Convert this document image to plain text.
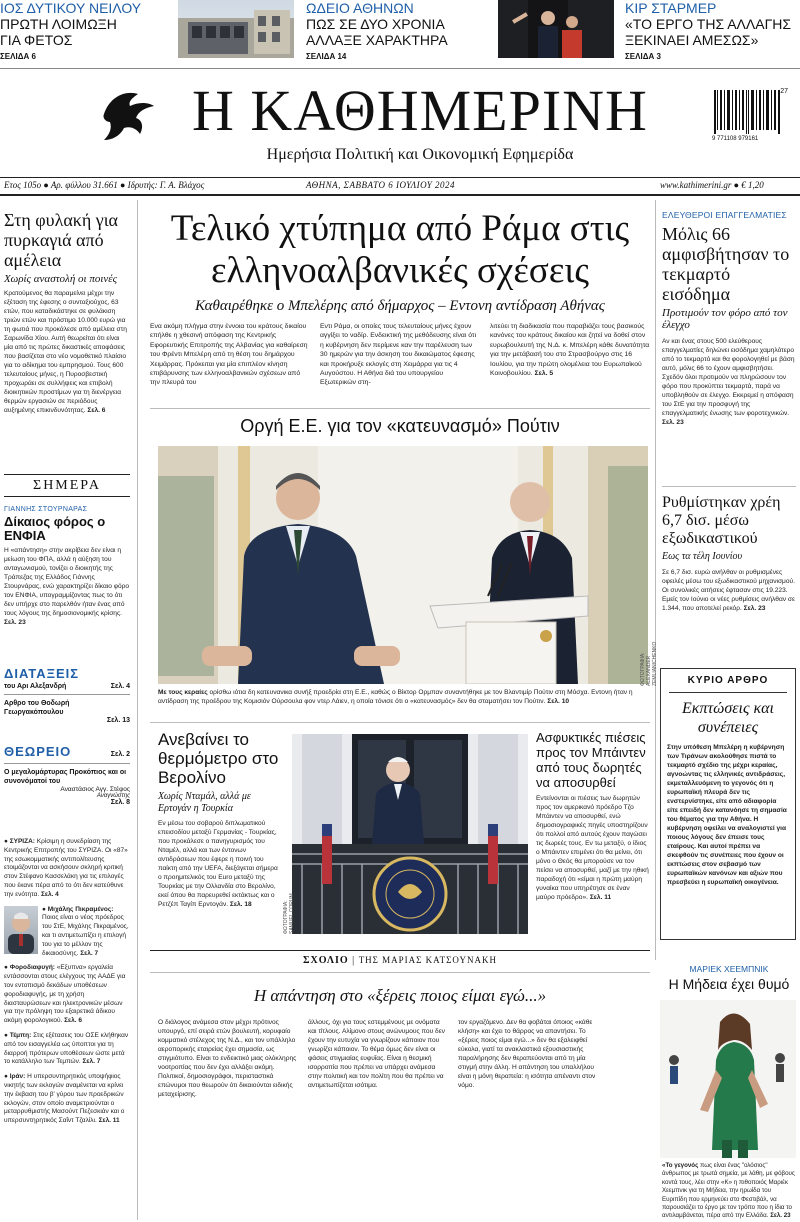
ΙΟΣ ΔΥΤΙΚΟΥ ΝΕΙΛΟΥ
ΠΡΩΤΗ ΛΟΙΜΩΞΗ
ΓΙΑ ΦΕΤΟΣ
ΣΕΛΙΔΑ 6
ΩΔΕΙΟ ΑΘΗΝΩΝ
ΠΩΣ ΣΕ ΔΥΟ ΧΡΟΝΙΑ
ΑΛΛΑΞΕ ΧΑΡΑΚΤΗΡΑ
ΣΕΛΙΔΑ 14
ΚΙΡ ΣΤΑΡΜΕΡ
«ΤΟ ΕΡΓΟ ΤΗΣ ΑΛΛΑΓΗΣ
ΞΕΚΙΝΑΕΙ ΑΜΕΣΩΣ»
ΣΕΛΙΔΑ 3
Η ΚΑΘΗΜΕΡΙΝΗ
Ημερήσια Πολιτική και Οικονομική Εφημερίδα
27
9 771108 979161
Ετος 105ο ● Αρ. φύλλου 31.661 ● Ιδρυτής: Γ. Α. Βλάχος	ΑΘΗΝΑ, ΣΑΒΒΑΤΟ 6 ΙΟΥΛΙΟΥ 2024	www.kathimerini.gr ● € 1,20
Στη φυλακή για πυρκαγιά από αμέλεια
Χωρίς αναστολή οι ποινές
Κρατούμενος θα παραμείνει μέχρι την εξέταση της έφεσης ο συνταξιούχος, 63 ετών, που καταδικάστηκε σε φυλάκιση τριών ετών και πρόστιμο 10.000 ευρώ για τη φωτιά που προκάλεσε από αμέλεια στη Σαρωνίδα Χίου. Αυτή θεωρείται ότι είναι μία από τις πρώτες δικαστικές αποφάσεις που βασίζεται στο νέο νομοθετικό πλαίσιο για το αδίκημα του εμπρησμού. Τους 600 τελευταίους μήνες, η Πυροσβεστική προχωράει σε συλλήψεις και επιβολή διοικητικών προστίμων για τη διενέργεια θερμών εργασιών σε περιόδους αυξημένης επικινδυνότητας. Σελ. 6
ΣΗΜΕΡΑ
ΓΙΑΝΝΗΣ ΣΤΟΥΡΝΑΡΑΣ
Δίκαιος φόρος ο ΕΝΦΙΑ
Η «απάντηση» στην ακρίβεια δεν είναι η μείωση του ΦΠΑ, αλλά η αύξηση του ανταγωνισμού, τονίζει ο διοικητής της Τράπεζας της Ελλάδος Γιάννης Στουρνάρας, ενώ χαρακτηρίζει δίκαιο φόρο τον ΕΝΦΙΑ, υπογραμμίζοντας πως το ότι δεν υπήρχε στο παρελθόν ήταν ένας από τους λόγους της δημοσιονομικής κρίσης. Σελ. 23
ΔΙΑΤΑΞΕΙΣ
του Αρι Αλεξανδρή	Σελ. 4
Αρθρο του Θοδωρή Γεωργακόπουλου
Σελ. 13
ΘΕΩΡΕΙΟ	Σελ. 2
Ο μεγαλομάρτυρας Προκόπιος και οι συνονόματοί του
Αναστάσιος Αγγ. Στέφος
Αναγνώστης
Σελ. 8

● ΣΥΡΙΖΑ: Κρίσιμη η συνεδρίαση της Κεντρικής Επιτροπής του ΣΥΡΙΖΑ. Οι «87» της εσωκομματικής αντιπολίτευσης ετοιμάζονται να ασκήσουν σκληρή κριτική στον Στέφανο Κασσελάκη για τις επιλογές που έκανε πέρα από το ότι δεν κατεύθυνε την ενότητα. Σελ. 4

● Μιχάλης Πικραμένος: Ποιος είναι ο νέος πρόεδρος του ΣτΕ, Μιχάλης Πικραμένος, και τι αντιμετωπίζει η επιλογή του για το μέλλον της δικαιοσύνης. Σελ. 7

● Φοροδιαφυγή: «Εξυπνα» εργαλεία εντάσσονται στους ελέγχους της ΑΑΔΕ για τον εντοπισμό δεκάδων υποθέσεων φοροδιαφυγής, με τη χρήση διασταυρώσεων και ηλεκτρονικών μέσων για την πρόληψη του εξαιρετικά άδικου ακόμη φορολογικού. Σελ. 6

● Τέμπη: Στις εξέτασεις του ΟΣΕ κλήθηκαν από τον εισαγγελέα ως ύποπτοι για τη διαρροή πρότερων υποθέσεων ώστε μετά το κατάλληλο των Τεμπών. Σελ. 7

● Ιράν: Η υπερσυντηρητικός υποψήφιος νικητής των εκλογών αναμένεται να κρίνει την έκβαση του β' γύρου των προεδρικών εκλογών, στον οποίο αναμετριούνται ο μεταρρυθμιστής Μασούντ Πεζεσκιάν και ο υπερσυντηρητικός Σαΐντ Τζαλίλι. Σελ. 11

Τελικό χτύπημα από Ράμα στις ελληνοαλβανικές σχέσεις
Καθαιρέθηκε ο Μπελέρης από δήμαρχος – Εντονη αντίδραση Αθήνας
Ενα ακόμη πλήγμα στην έννοια του κράτους δικαίου επήλθε η χθεσινή απόφαση της Κεντρικής Εφορευτικής Επιτροπής της Αλβανίας για καθαίρεση του Φρέντι Μπελέρη από τη θέση του δημάρχου Χειμάρρας. Πρόκειται για μία επιπλέον κίνηση επιβάρυνσης των ελληνοαλβανικών σχέσεων από την πλευρά του
Εντι Ράμα, οι οποίες τους τελευταίους μήνες έχουν αγγίξει το ναδίρ. Ενδεικτική της μεθόδευσης είναι ότι η κυβέρνηση δεν περίμενε καν την παρέλευση των 30 ημερών για την άσκηση του δικαιώματος έφεσης και προκήρυξε εκλογές στη Χειμάρρα για τις 4 Αυγούστου. Η Αθήνα διά του υπουργείου Εξωτερικών στη-
λιτεύει τη διαδικασία που παραβιάζει τους βασικούς κανόνες του κράτους δικαίου και ζητεί να δοθεί στον ευρωβουλευτή της Ν.Δ. κ. Μπελέρη κάθε δυνατότητα για την μετάβασή του στο Στρασβούργο στις 16 Ιουλίου, για την πρώτη ολομέλεια του Ευρωπαϊκού Κοινοβουλίου. Σελ. 5
Οργή Ε.Ε. για τον «κατευνασμό» Πούτιν
ΦΩΤΟΓΡΑΦΙΑ: ALEXANDER ZEMLIANICHENKO
Με τους κεραίες ορίσθω ιότια δη κατευνανικα συνήξ προεδρία στη Ε.Ε., καθώς ο Βίκτορ Ορμπαν συναντήθηκε με τον Βλαντιμίρ Πούτιν στη Μόσχα. Εντονη ήταν η αντίδραση της προέδρου της Κομισιόν Ούρσουλα φον ντερ Λάιεν, η οποία τόνισε ότι ο «κατευνασμός» δεν θα σταματήσει τον Πούτιν. Σελ. 10
Ανεβαίνει το θερμόμετρο στο Βερολίνο
Χωρίς Νταμάλ, αλλά με Ερτογάν η Τουρκία
Εν μέσω του σοβαρού διπλωματικού επεισοδίου μεταξύ Γερμανίας - Τουρκίας, που προκάλεσε ο πανηγυρισμός του Νταμέλ, αλλά και των έντονων αντιδράσεων που έφερε η ποινή του παίκτη από την UEFA, διεξάγεται σήμερα ο προημιτελικός του Euro μεταξύ της Τουρκίας με την Ολλανδία στο Βερολίνο, εκεί όπου θα παρευρεθεί εκτάκτως και ο Ρετζέπ Ταγίπ Ερντογάν. Σελ. 18	ΦΩΤΟΓΡΑΦΙΑ: SAMUEL CORUM
Ασφυκτικές πιέσεις προς τον Μπάιντεν από τους δωρητές να αποσυρθεί
Εντείνονται οι πιέσεις των δωρητών προς τον αμερικανό πρόεδρο Τζο Μπάιντεν να αποσυρθεί, ενώ δημοσιογραφικές πηγές υποστηρίζουν ότι πολλοί από αυτούς έχουν παγώσει τις δωρεές τους. Εν τω μεταξύ, ο ίδιος ο Μπάιντεν επιμένει ότι θα μείνει, ότι μόνο ο Θεός θα μπορούσε να τον πείσει να αποσυρθεί, μαζί με την ηθική παραδοχή ότι «είμαι η πρώτη μαύρη γυναίκα που υπηρέτησε σε έναν μαύρο πρόεδρο». Σελ. 11
ΣΧΟΛΙΟ | ΤΗΣ ΜΑΡΙΑΣ ΚΑΤΣΟΥΝΑΚΗ
Η απάντηση στο «ξέρεις ποιος είμαι εγώ...»
Ο διάλογος ανάμεσα στον μέχρι πρότινος υπουργό, επί σειρά ετών βουλευτή, κορυφαίο κομματικό στέλεχος της Ν.Δ., και τον υπάλληλο αεροπορικής εταιρείας έχει σημασία, ως στιγμιότυπο. Είναι το ενδεικτικό μιας ολόκληρης νοοτροπίας που δεν έχει αλλάξει ακόμη. Πολιτικοί, δημοσιογράφοι, περισταστικά επώνυμοι που θεωρούν ότι δικαιούνται ειδικής μεταχείρισης.
άλλους, όχι για τους εστεμμένους με ονόματα και τίτλους. Αλίμονο στους ανώνυμους που δεν έχουν την ευτυχία να γνωρίζουν κάποιον που γνωρίζει κάποιον. Το θέμα όμως δεν είναι οι φάσεις στιγμιαίας ευφυΐας. Είναι η θεσμική ισορροπία που πρέπει να υπάρχει ανάμεσα στην πολιτική και τον πολίτη που θα πρέπει να αντιμετωπίζεται ισότιμα.
τον εργαζόμενο. Δεν θα φοβάται όποιος «κάθε κλήση» και έχει το θάρρος να απαντήσει. Το «ξέρεις ποιος είμαι εγώ...» δεν θα εξαλειφθεί εύκολα, γιατί τα ανακλαστικά εξουσιαστικής παραλήρησης δεν θεραπεύονται από τη μία στιγμή στην άλλη. Η απάντηση του υπαλλήλου είναι η μόνη θεραπεία: η ισότητα απέναντι στον νόμο.
ΕΛΕΥΘΕΡΟΙ ΕΠΑΓΓΕΛΜΑΤΙΕΣ
Μόλις 66 αμφισβήτησαν το τεκμαρτό εισόδημα
Προτιμούν τον φόρο από τον έλεγχο
Αν και ένας στους 500 ελεύθερους επαγγελματίες δηλώνει εισόδημα χαμηλότερο από το τεκμαρτό και θα φορολογηθεί με βάση αυτό, μόλις 66 το έχουν αμφισβητήσει. Σχεδόν όλοι προτιμούν να πληρώσουν τον φόρο που προκύπτει τεκμαρτά, παρά να υποβληθούν σε έλεγχο. Εκκρεμεί η απόφαση του ΣτΕ για την προσφυγή της επαγγελματικής ένωσης των φοροτεχνικών. Σελ. 23
Ρυθμίστηκαν χρέη 6,7 δισ. μέσω εξωδικαστικού
Εως τα τέλη Ιουνίου
Σε 6,7 δισ. ευρώ ανήλθαν οι ρυθμισμένες οφειλές μέσω του εξωδικαστικού μηχανισμού. Οι συνολικές αιτήσεις έφτασαν στις 19.223. Εμείς τον Ιούνιο οι νέες ρυθμίσεις ανήλθαν σε 1.344, που αποτελεί ρεκόρ. Σελ. 23
ΚΥΡΙΟ ΑΡΘΡΟ
Εκπτώσεις και συνέπειες
Στην υπόθεση Μπελέρη η κυβέρνηση των Τιράνων ακολούθησε πιστά το τεκμαρτό σχέδιο της μέχρι κεραίας, αγνοώντας τις ελληνικές αντιδράσεις, εκμεταλλευόμενη το γεγονός ότι η ευρωπαϊκή πλευρά δεν τις ενστερνίστηκε, είτε από αδιαφορία είτε επειδή δεν κατανόησε τη σημασία του θέματος για την Αθήνα. Η κυβέρνηση οφείλει να αναλογιστεί για ποιους λόγους δεν έπεισε τους εταίρους. Και αυτοί πρέπει να σκεφθούν τις συνέπειες που έχουν οι εκπτώσεις στον σεβασμό των ευρωπαϊκών κανόνων και αξιών που πρεσβεύει η ευρωπαϊκή οικογένεια.
ΜΑΡΙΕΚ ΧΕΕΜΠΝΙΚ
Η Μήδεια έχει θυμό
«Το γεγονός πως είναι ένας "ολόσιος" άνθρωπος με τρωτά σημεία, με λάθη, με φόβους κοντά τους, λέει στην «Κ» η πιθοποιός Μαριέκ Χεεμπνικ για τη Μήδεια, την ηρωίδα του Ευριπίδη που ερμηνεύει στο Φεστιβάλ, να παρουσιάζει το έργο με τον τρόπο που η ίδια το αντιλαμβάνεται, πέρα από την Ελλάδα. Σελ. 23
